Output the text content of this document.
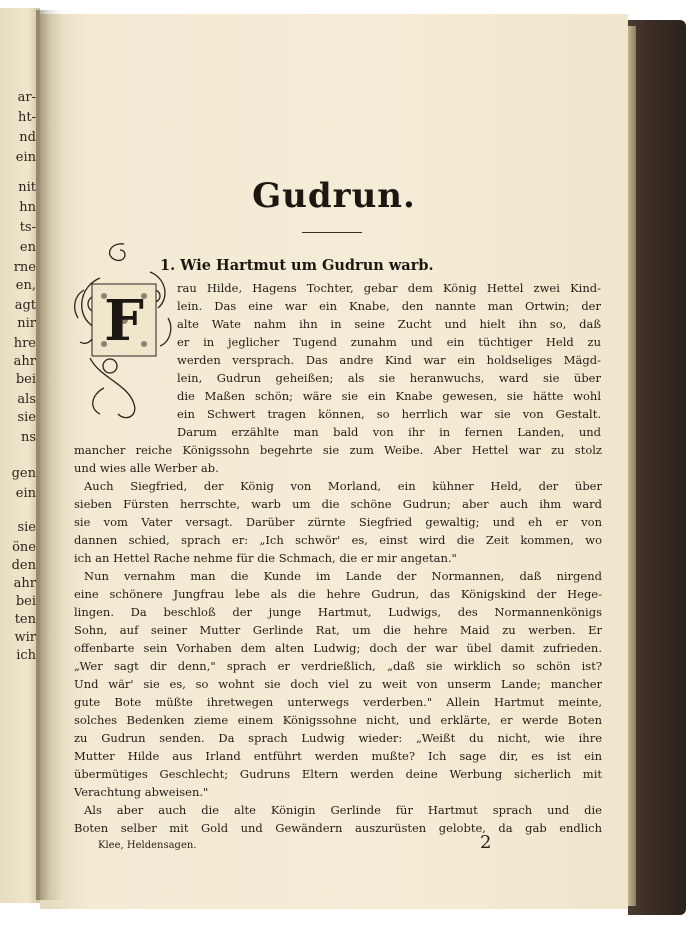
ar-
ht-
nd
ein
nit
hn
ts-
en
rne
en,
agt
nir
hre
ahr
bei
als
sie
ns
gen
ein
sie
öne
den
ahr
bei
ten
wir
ich
Gudrun.
1. Wie Hartmut um Gudrun warb.
F	rau Hilde, Hagens Tochter, gebar dem König Hettel zwei Kind-
lein. Das eine war ein Knabe, den nannte man Ortwin; der
alte Wate nahm ihn in seine Zucht und hielt ihn so, daß
er in jeglicher Tugend zunahm und ein tüchtiger Held zu
werden versprach. Das andre Kind war ein holdseliges Mägd-
lein, Gudrun geheißen; als sie heranwuchs, ward sie über
die Maßen schön; wäre sie ein Knabe gewesen, sie hätte wohl
ein Schwert tragen können, so herrlich war sie von Gestalt.
Darum erzählte man bald von ihr in fernen Landen, und
mancher reiche Königssohn begehrte sie zum Weibe. Aber Hettel war zu stolz
und wies alle Werber ab.
Auch Siegfried, der König von Morland, ein kühner Held, der über
sieben Fürsten herrschte, warb um die schöne Gudrun; aber auch ihm ward
sie vom Vater versagt. Darüber zürnte Siegfried gewaltig; und eh er von
dannen schied, sprach er: „Ich schwör' es, einst wird die Zeit kommen, wo
ich an Hettel Rache nehme für die Schmach, die er mir angetan."
Nun vernahm man die Kunde im Lande der Normannen, daß nirgend
eine schönere Jungfrau lebe als die hehre Gudrun, das Königskind der Hege-
lingen. Da beschloß der junge Hartmut, Ludwigs, des Normannenkönigs
Sohn, auf seiner Mutter Gerlinde Rat, um die hehre Maid zu werben. Er
offenbarte sein Vorhaben dem alten Ludwig; doch der war übel damit zufrieden.
„Wer sagt dir denn," sprach er verdrießlich, „daß sie wirklich so schön ist?
Und wär' sie es, so wohnt sie doch viel zu weit von unserm Lande; mancher
gute Bote müßte ihretwegen unterwegs verderben." Allein Hartmut meinte,
solches Bedenken zieme einem Königssohne nicht, und erklärte, er werde Boten
zu Gudrun senden. Da sprach Ludwig wieder: „Weißt du nicht, wie ihre
Mutter Hilde aus Irland entführt werden mußte? Ich sage dir, es ist ein
übermütiges Geschlecht; Gudruns Eltern werden deine Werbung sicherlich mit
Verachtung abweisen."
Als aber auch die alte Königin Gerlinde für Hartmut sprach und die
Boten selber mit Gold und Gewändern auszurüsten gelobte, da gab endlich
Klee, Heldensagen.	2
